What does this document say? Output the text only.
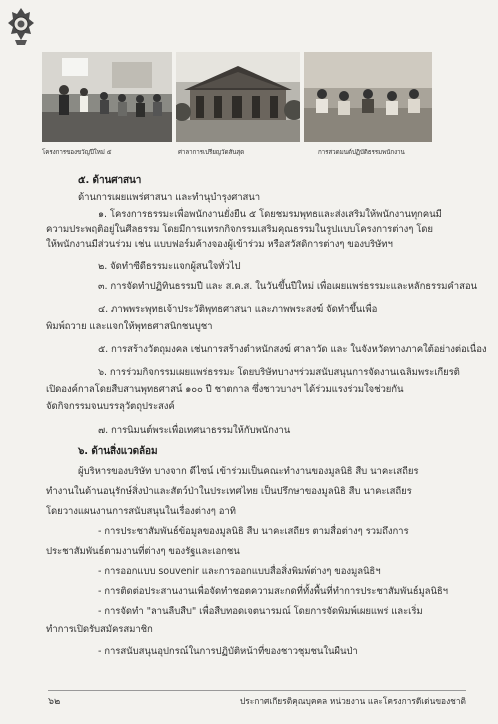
โครงการของขวัญปีใหม่ ๕	ศาลาการเปรียญวัดสันสุด	การสวดมนต์ปฏิบัติธรรมพนักงาน
๕. ด้านศาสนา
ด้านการเผยแพร่ศาสนา และทำนุบำรุงศาสนา
๑. โครงการธรรมะเพื่อพนักงานยั่งยืน ๕ โดยชมรมพุทธและส่งเสริมให้พนักงานทุกคนมี
ความประพฤติอยู่ในศีลธรรม โดยมีการแทรกกิจกรรมเสริมคุณธรรมในรูปแบบโครงการต่างๆ โดย
ให้พนักงานมีส่วนร่วม เช่น แบบฟอร์มค้างจองผู้เข้าร่วม หรือสวัสดิการต่างๆ ของบริษัทฯ
๒. จัดทำซีดีธรรมะแจกผู้สนใจทั่วไป
๓. การจัดทำปฏิทินธรรมปี และ ส.ค.ส. ในวันขึ้นปีใหม่ เพื่อเผยแพร่ธรรมะและหลักธรรมคำสอน
๔. ภาพพระพุทธเจ้าประวัติพุทธศาสนา และภาพพระสงฆ์ จัดทำขึ้นเพื่อ
พิมพ์ถวาย และแจกให้พุทธศาสนิกชนบูชา
๕. การสร้างวัตถุมงคล เช่นการสร้างตำหนักสงฆ์ ศาลาวัด และ ในจังหวัดทางภาคใต้อย่างต่อเนื่อง
๖. การร่วมกิจกรรมเผยแพร่ธรรมะ โดยบริษัทบางฯร่วมสนับสนุนการจัดงานเฉลิมพระเกียรติ
เปิดองค์กาลโดยสืบสานพุทธศาสน์ ๑๐๐ ปี ชาตกาล ซึ่งชาวบางฯ ได้ร่วมแรงร่วมใจช่วยกัน
จัดกิจกรรมจนบรรลุวัตถุประสงค์
๗. การนิมนต์พระเพื่อเทศนาธรรมให้กับพนักงาน
๖. ด้านสิ่งแวดล้อม
ผู้บริหารของบริษัท บางจาก ดีไซน์ เข้าร่วมเป็นคณะทำงานของมูลนิธิ สืบ นาคะเสถียร
ทำงานในด้านอนุรักษ์สิ่งป่าและสัตว์ป่าในประเทศไทย เป็นปรึกษาของมูลนิธิ สืบ นาคะเสถียร
โดยวางแผนงานการสนับสนุนในเรื่องต่างๆ อาทิ
- การประชาสัมพันธ์ข้อมูลของมูลนิธิ สืบ นาคะเสถียร ตามสื่อต่างๆ รวมถึงการ
ประชาสัมพันธ์ตามงานที่ต่างๆ ของรัฐและเอกชน
- การออกแบบ souvenir และการออกแบบสื่อสิ่งพิมพ์ต่างๆ ของมูลนิธิฯ
- การติดต่อประสานงานเพื่อจัดทำชอตความสะกดที่ทั้งพื้นที่ทำการประชาสัมพันธ์มูลนิธิฯ
- การจัดทำ "ลานลืบสืบ" เพื่อสืบทอดเจตนารมณ์ โดยการจัดพิมพ์เผยแพร่ และเริ่ม
ทำการเปิดรับสมัครสมาชิก
- การสนับสนุนอุปกรณ์ในการปฏิบัติหน้าที่ของชาวชุมชนในผืนป่า
๖๒	ประกาศเกียรติคุณบุคคล หน่วยงาน และโครงการดีเด่นของชาติ
